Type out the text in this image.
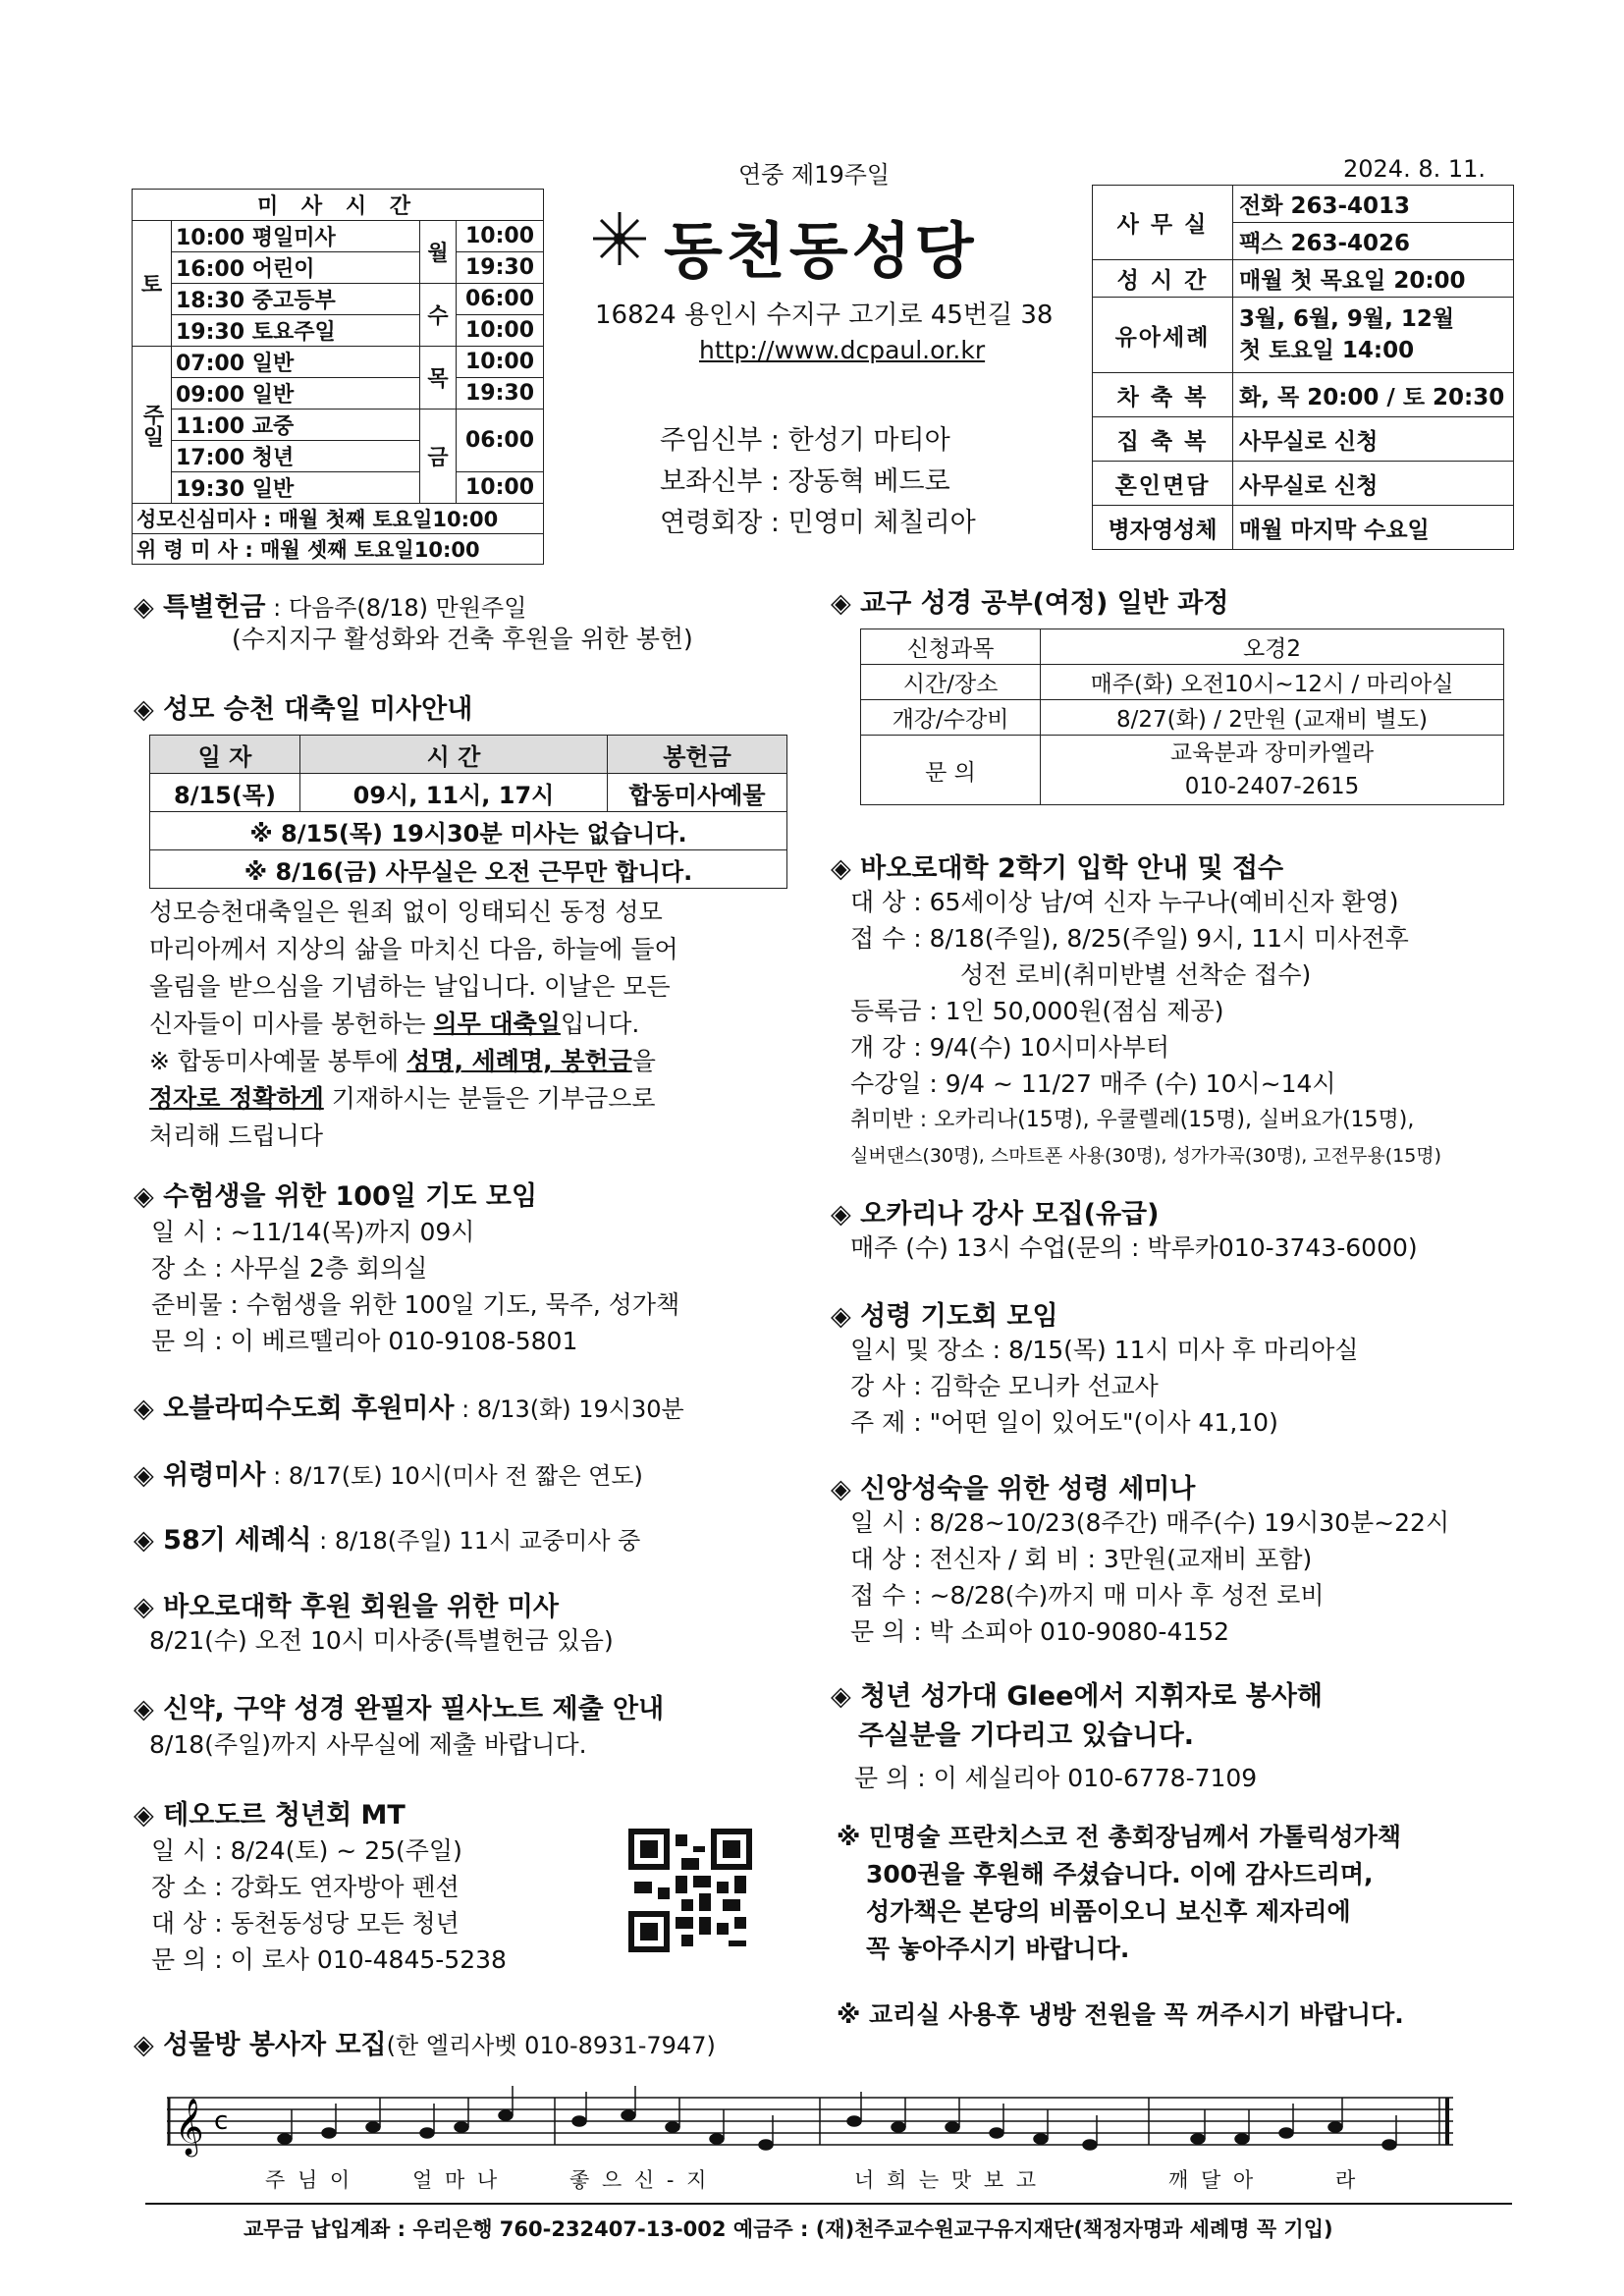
연중 제19주일	2024. 8. 11.
미 사 시 간			
토	10:00 평일미사	월	10:00
	16:00 어린이		19:30
	18:30 중고등부	수	06:00
	19:30 토요주일		10:00
주일	07:00 일반	목	10:00
	09:00 일반		19:30
	11:00 교중	금	06:00
	17:00 청년		
	19:30 일반		10:00
성모신심미사 : 매월 첫째 토요일10:00			
위 령 미 사 : 매월 셋째 토요일10:00			
동천동성당
16824 용인시 수지구 고기로 45번길 38
http://www.dcpaul.or.kr
주임신부 : 한성기 마티아
보좌신부 : 장동혁 베드로
연령회장 : 민영미 체칠리아
사 무 실	전화 263-4013
	팩스 263-4026
성 시 간	매월 첫 목요일 20:00
유아세례	3월, 6월, 9월, 12월
첫 토요일 14:00

차 축 복	화, 목 20:00 / 토 20:30
집 축 복	사무실로 신청
혼인면담	사무실로 신청
병자영성체	매월 마지막 수요일
◈ 특별헌금 : 다음주(8/18) 만원주일
(수지지구 활성화와 건축 후원을 위한 봉헌)
◈ 성모 승천 대축일 미사안내
일 자	시 간	봉헌금
8/15(목)	09시, 11시, 17시	합동미사예물
※ 8/15(목) 19시30분 미사는 없습니다.		
※ 8/16(금) 사무실은 오전 근무만 합니다.		
성모승천대축일은 원죄 없이 잉태되신 동정 성모
마리아께서 지상의 삶을 마치신 다음, 하늘에 들어
올림을 받으심을 기념하는 날입니다. 이날은 모든
신자들이 미사를 봉헌하는 의무 대축일입니다.
※ 합동미사예물 봉투에 성명, 세례명, 봉헌금을
정자로 정확하게 기재하시는 분들은 기부금으로
처리해 드립니다
◈ 수험생을 위한 100일 기도 모임
일 시 : ~11/14(목)까지 09시
장 소 : 사무실 2층 회의실
준비물 : 수험생을 위한 100일 기도, 묵주, 성가책
문 의 : 이 베르뗄리아 010-9108-5801
◈ 오블라띠수도회 후원미사 : 8/13(화) 19시30분
◈ 위령미사 : 8/17(토) 10시(미사 전 짧은 연도)
◈ 58기 세례식 : 8/18(주일) 11시 교중미사 중
◈ 바오로대학 후원 회원을 위한 미사
8/21(수) 오전 10시 미사중(특별헌금 있음)
◈ 신약, 구약 성경 완필자 필사노트 제출 안내
8/18(주일)까지 사무실에 제출 바랍니다.
◈ 테오도르 청년회 MT
일 시 : 8/24(토) ~ 25(주일)
장 소 : 강화도 연자방아 펜션
대 상 : 동천동성당 모든 청년
문 의 : 이 로사 010-4845-5238
◈ 성물방 봉사자 모집(한 엘리사벳 010-8931-7947)
◈ 교구 성경 공부(여정) 일반 과정
신청과목	오경2
시간/장소	매주(화) 오전10시~12시 / 마리아실
개강/수강비	8/27(화) / 2만원 (교재비 별도)
문 의	교육분과 장미카엘라
010-2407-2615
◈ 바오로대학 2학기 입학 안내 및 접수
대 상 : 65세이상 남/여 신자 누구나(예비신자 환영)
접 수 : 8/18(주일), 8/25(주일) 9시, 11시 미사전후
성전 로비(취미반별 선착순 접수)
등록금 : 1인 50,000원(점심 제공)
개 강 : 9/4(수) 10시미사부터
수강일 : 9/4 ~ 11/27 매주 (수) 10시~14시
취미반 : 오카리나(15명), 우쿨렐레(15명), 실버요가(15명),
실버댄스(30명), 스마트폰 사용(30명), 성가가곡(30명), 고전무용(15명)
◈ 오카리나 강사 모집(유급)
매주 (수) 13시 수업(문의 : 박루카010-3743-6000)
◈ 성령 기도회 모임
일시 및 장소 : 8/15(목) 11시 미사 후 마리아실
강 사 : 김학순 모니카 선교사
주 제 : "어떤 일이 있어도"(이사 41,10)
◈ 신앙성숙을 위한 성령 세미나
일 시 : 8/28~10/23(8주간) 매주(수) 19시30분~22시
대 상 : 전신자 / 회 비 : 3만원(교재비 포함)
접 수 : ~8/28(수)까지 매 미사 후 성전 로비
문 의 : 박 소피아 010-9080-4152
◈ 청년 성가대 Glee에서 지휘자로 봉사해
주실분을 기다리고 있습니다.
문 의 : 이 세실리아 010-6778-7109
※ 민명술 프란치스코 전 총회장님께서 가톨릭성가책
300권을 후원해 주셨습니다. 이에 감사드리며,
성가책은 본당의 비품이오니 보신후 제자리에
꼭 놓아주시기 바랍니다.
※ 교리실 사용후 냉방 전원을 꼭 꺼주시기 바랍니다.
𝄞 c
주 님 이	얼 마 나	좋 으 신 - 지	너 희 는 맛 보 고	깨 달 아	라
교무금 납입계좌 : 우리은행 760-232407-13-002 예금주 : (재)천주교수원교구유지재단(책정자명과 세례명 꼭 기입)
